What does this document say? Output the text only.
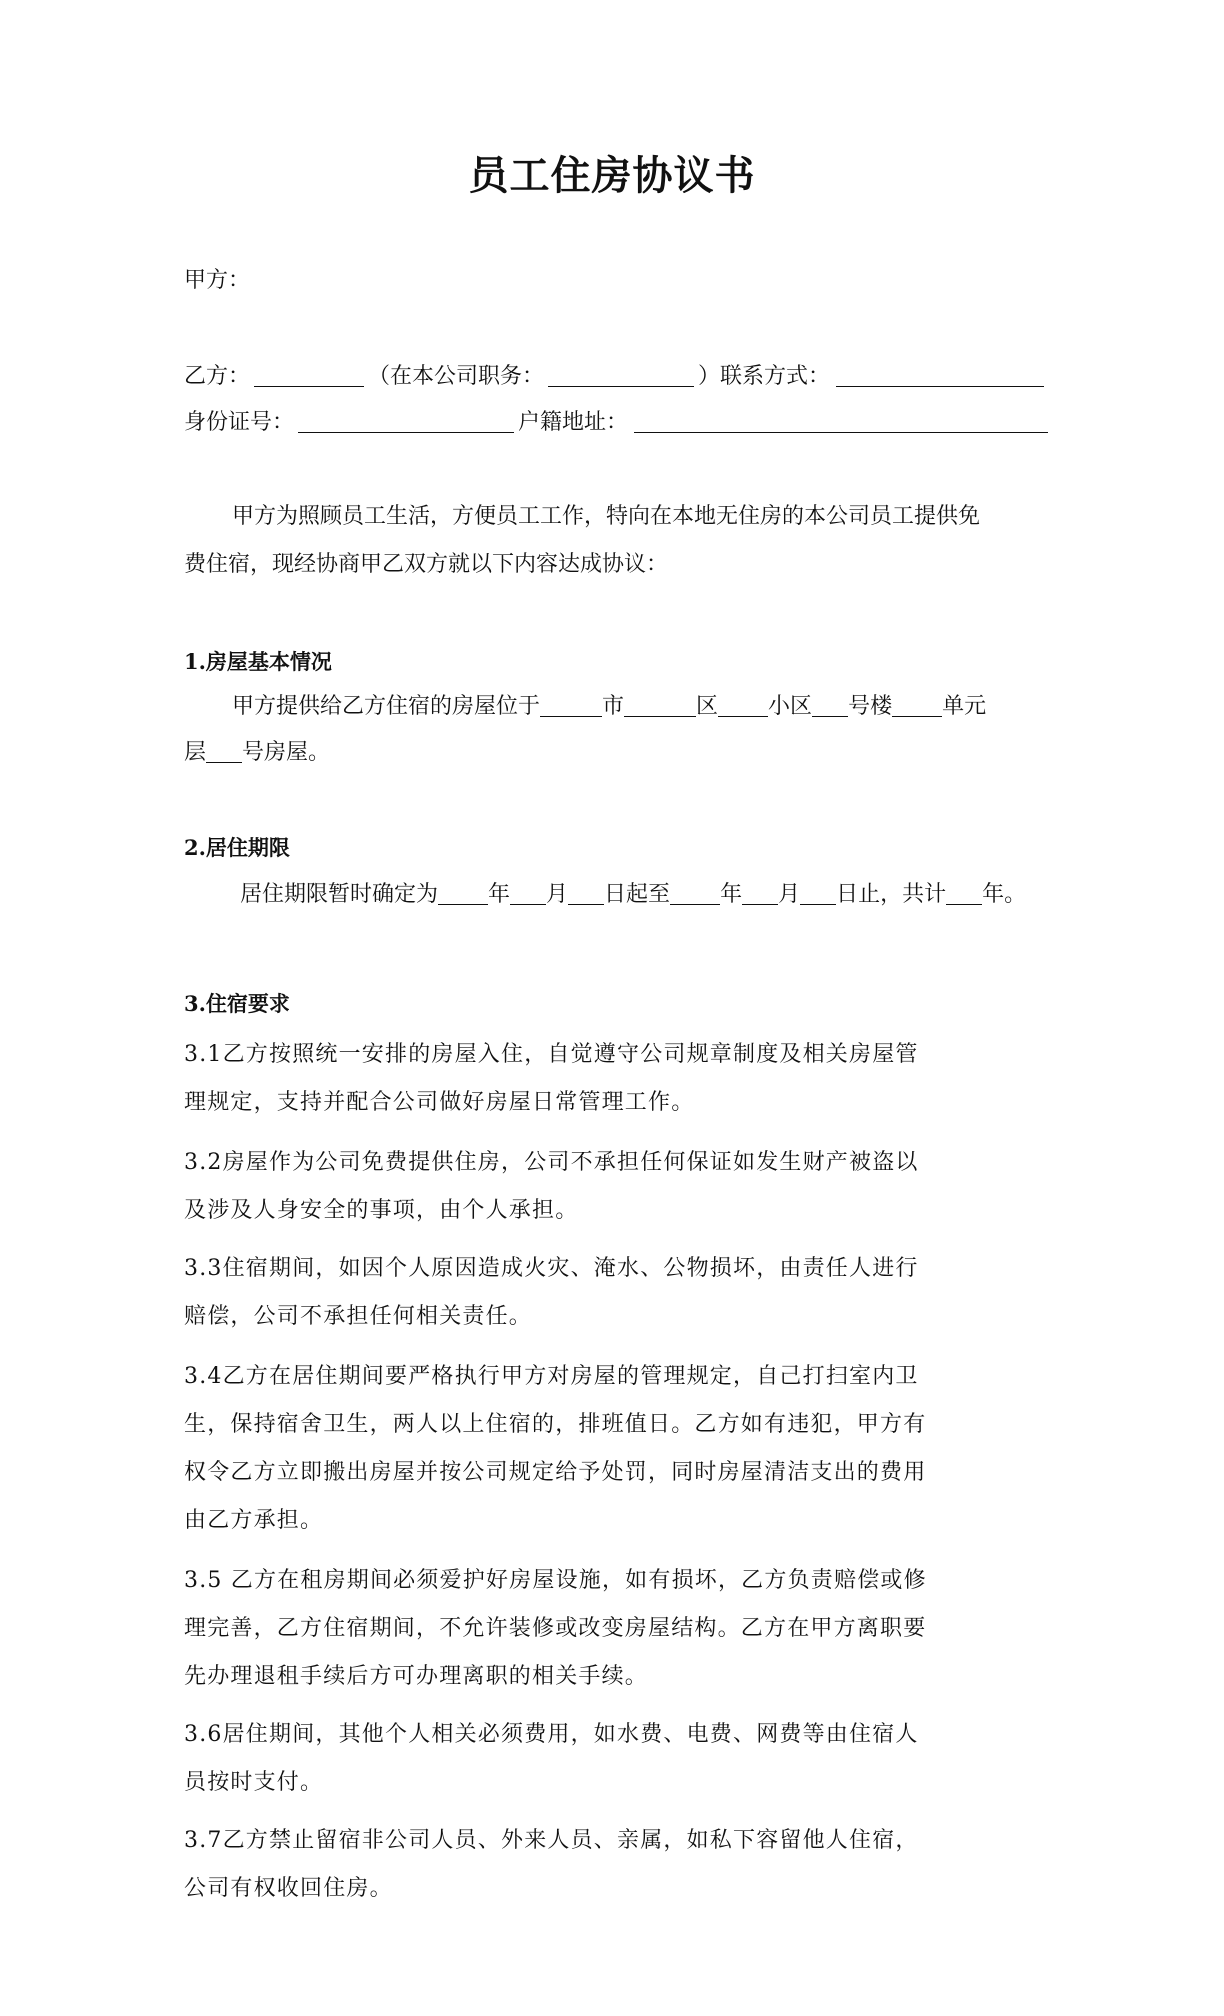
员工住房协议书
甲方：
乙方：	（在本公司职务：	）联系方式：
身份证号：	户籍地址：
甲方为照顾员工生活，方便员工工作，特向在本地无住房的本公司员工提供免
费住宿，现经协商甲乙双方就以下内容达成协议：
1.房屋基本情况
甲方提供给乙方住宿的房屋位于	市	区 小区 号楼 单元
层 号房屋。
2.居住期限
居住期限暂时确定为 年 月 日起至 年 月 日止，共计 年。
3.住宿要求
3.1乙方按照统一安排的房屋入住，自觉遵守公司规章制度及相关房屋管
理规定，支持并配合公司做好房屋日常管理工作。
3.2房屋作为公司免费提供住房，公司不承担任何保证如发生财产被盗以
及涉及人身安全的事项，由个人承担。
3.3住宿期间，如因个人原因造成火灾、淹水、公物损坏，由责任人进行
赔偿，公司不承担任何相关责任。
3.4乙方在居住期间要严格执行甲方对房屋的管理规定，自己打扫室内卫
生，保持宿舍卫生，两人以上住宿的，排班值日。乙方如有违犯，甲方有
权令乙方立即搬出房屋并按公司规定给予处罚，同时房屋清洁支出的费用
由乙方承担。
3.5 乙方在租房期间必须爱护好房屋设施，如有损坏，乙方负责赔偿或修
理完善，乙方住宿期间，不允许装修或改变房屋结构。乙方在甲方离职要
先办理退租手续后方可办理离职的相关手续。
3.6居住期间，其他个人相关必须费用，如水费、电费、网费等由住宿人
员按时支付。
3.7乙方禁止留宿非公司人员、外来人员、亲属，如私下容留他人住宿，
公司有权收回住房。
